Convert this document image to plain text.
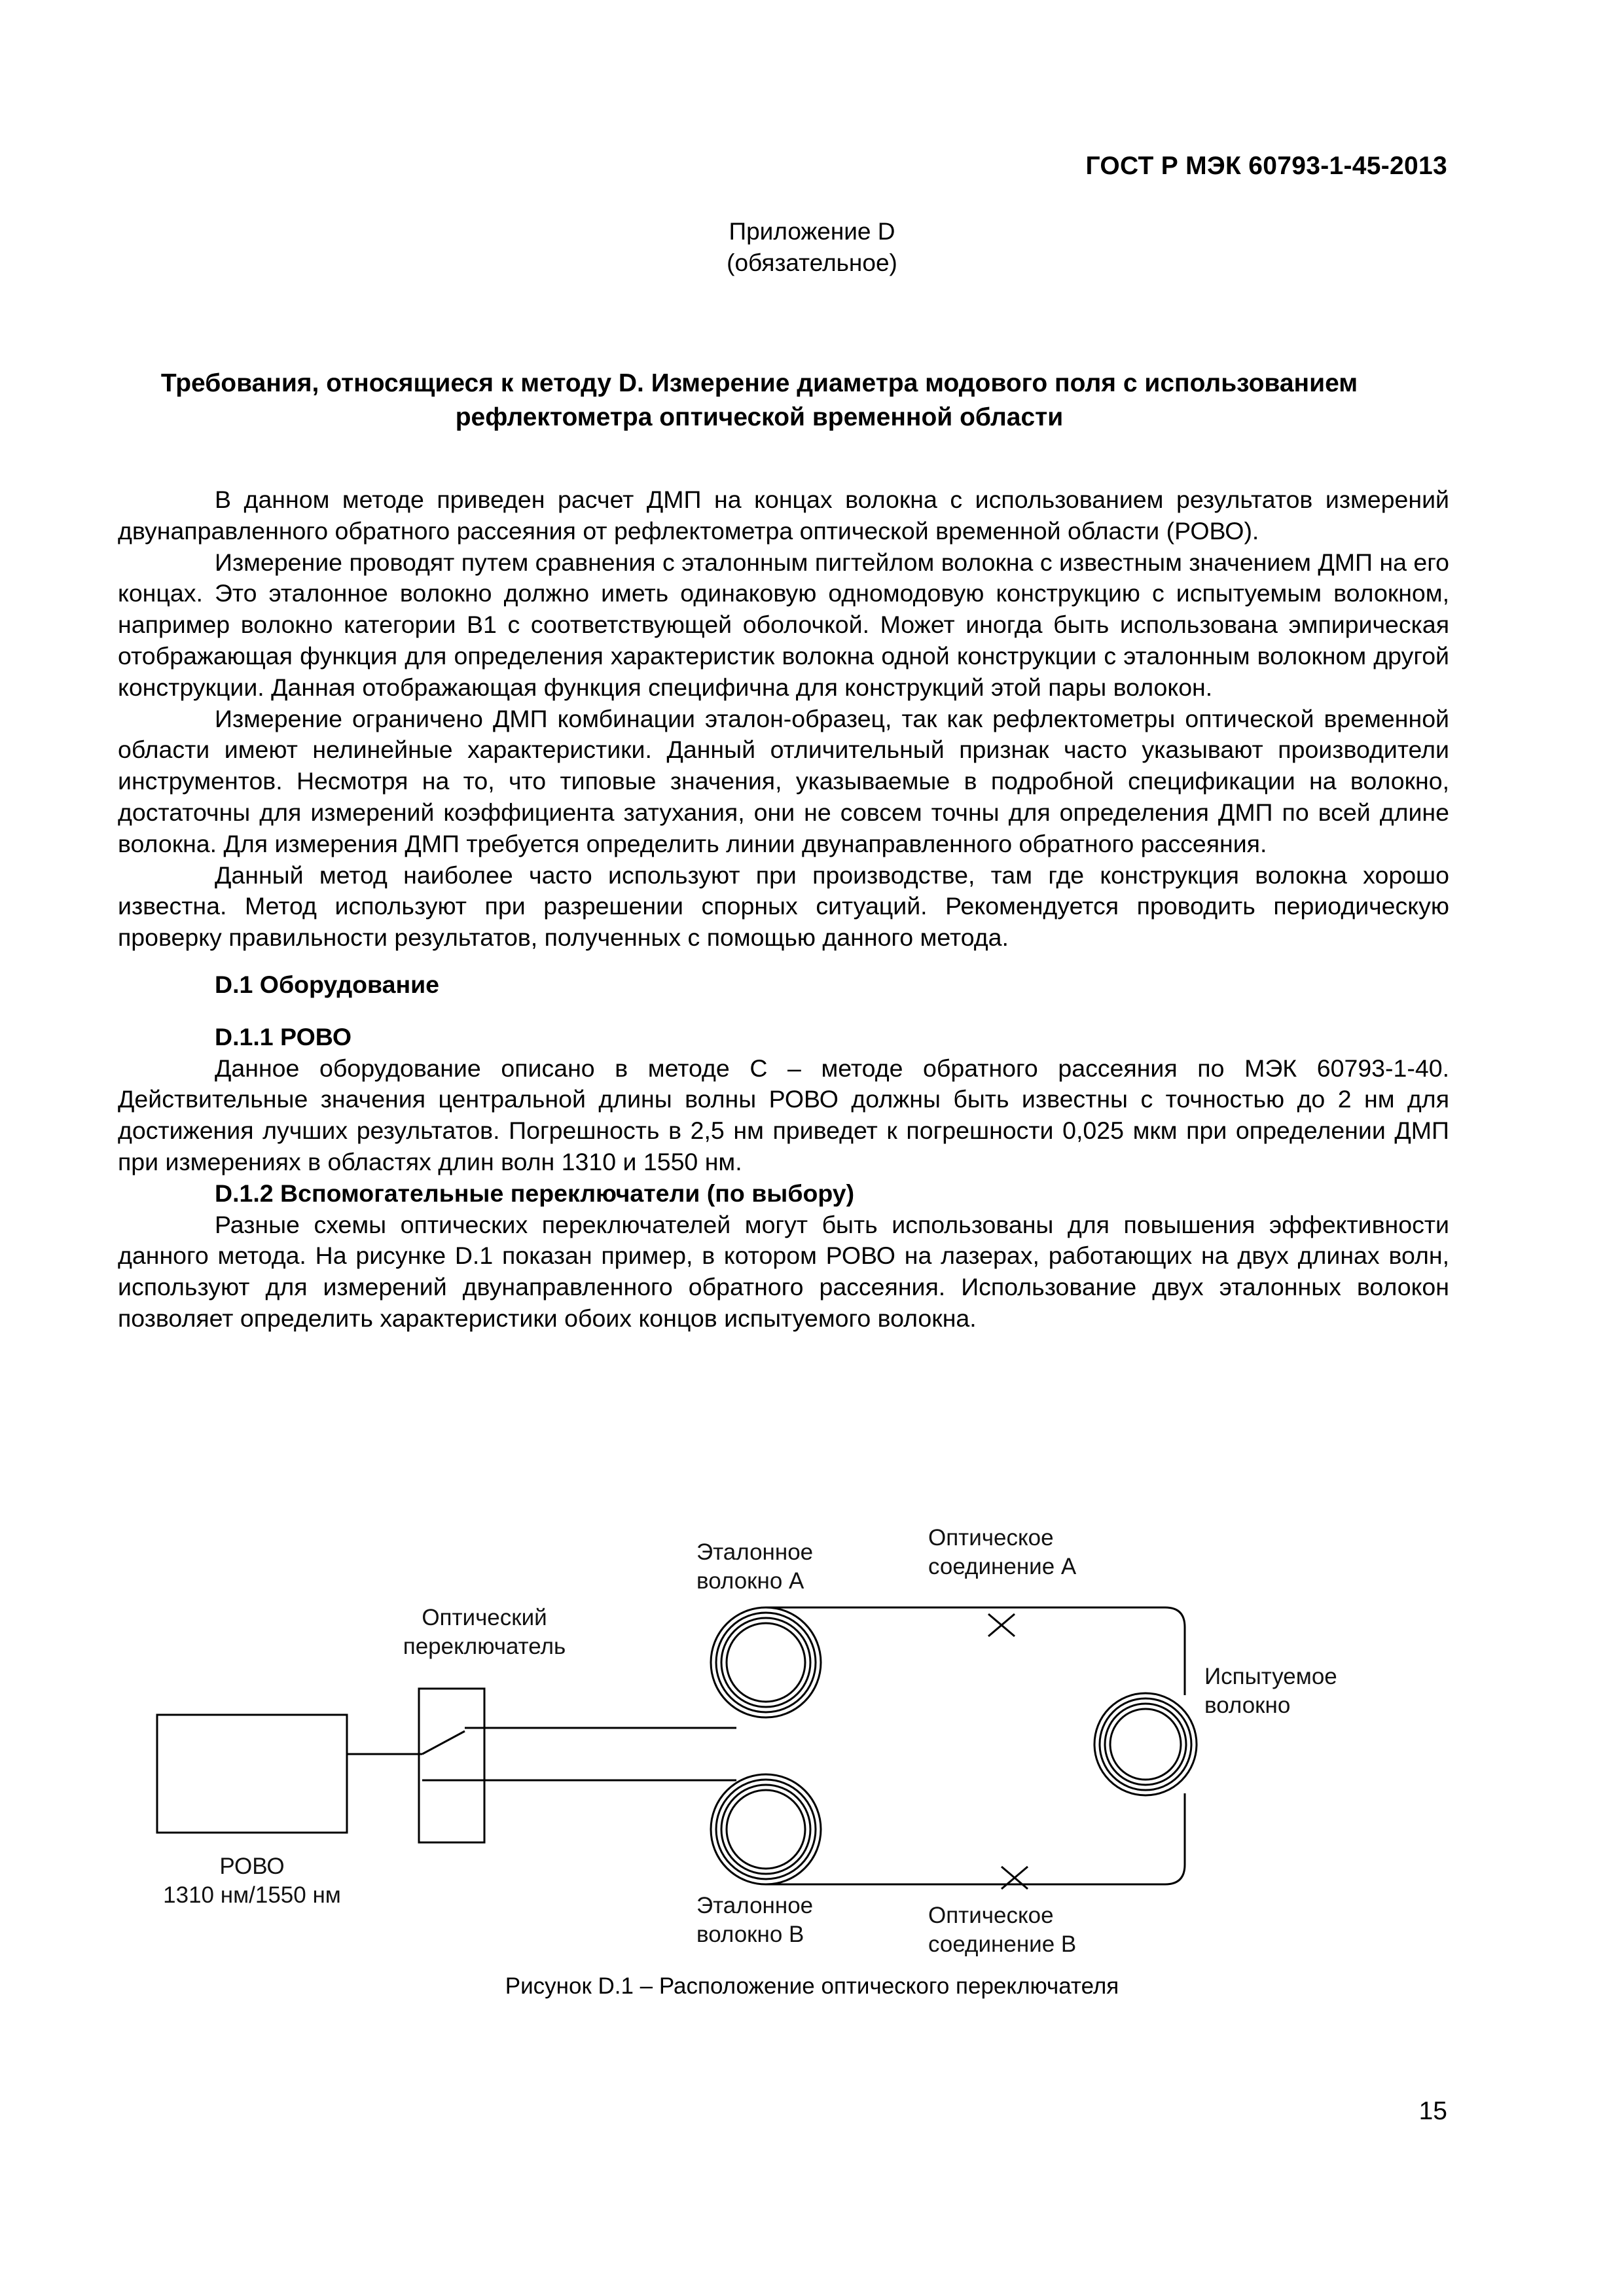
ГОСТ Р МЭК 60793-1-45-2013
Приложение D
(обязательное)
Требования, относящиеся к методу D. Измерение диаметра модового поля с использованием
рефлектометра оптической временной области

В данном методе приведен расчет ДМП на концах волокна с использованием результатов измерений двунаправленного обратного рассеяния от рефлектометра оптической временной области (РОВО).

Измерение проводят путем сравнения с эталонным пигтейлом волокна с известным значением ДМП на его концах. Это эталонное волокно должно иметь одинаковую одномодовую конструкцию с испытуемым волокном, например волокно категории B1 с соответствующей оболочкой. Может иногда быть использована эмпирическая отображающая функция для определения характеристик волокна одной конструкции с эталонным волокном другой конструкции. Данная отображающая функция специфична для конструкций этой пары волокон.

Измерение ограничено ДМП комбинации эталон-образец, так как рефлектометры оптической временной области имеют нелинейные характеристики. Данный отличительный признак часто указывают производители инструментов. Несмотря на то, что типовые значения, указываемые в подробной спецификации на волокно, достаточны для измерений коэффициента затухания, они не совсем точны для определения ДМП по всей длине волокна. Для измерения ДМП требуется определить линии двунаправленного обратного рассеяния.

Данный метод наиболее часто используют при производстве, там где конструкция волокна хорошо известна. Метод используют при разрешении спорных ситуаций. Рекомендуется проводить периодическую проверку правильности результатов, полученных с помощью данного метода.

D.1 Оборудование
D.1.1 РОВО

Данное оборудование описано в методе С – методе обратного рассеяния по МЭК 60793-1-40. Действительные значения центральной длины волны РОВО должны быть известны с точностью до 2 нм для достижения лучших результатов. Погрешность в 2,5 нм приведет к погрешности 0,025 мкм при определении ДМП при измерениях в областях длин волн 1310 и 1550 нм.

D.1.2 Вспомогательные переключатели (по выбору)

Разные схемы оптических переключателей могут быть использованы для повышения эффективности данного метода. На рисунке D.1 показан пример, в котором РОВО на лазерах, работающих на двух длинах волн, используют для измерений двунаправленного обратного рассеяния. Использование двух эталонных волокон позволяет определить характеристики обоих концов испытуемого волокна.

Эталонное
волокно А
Оптическое
соединение А
Оптический
переключатель
Испытуемое
волокно
РОВО
1310 нм/1550 нм	Эталонное
волокно В
Оптическое
соединение В
Рисунок D.1 – Расположение оптического переключателя
15
